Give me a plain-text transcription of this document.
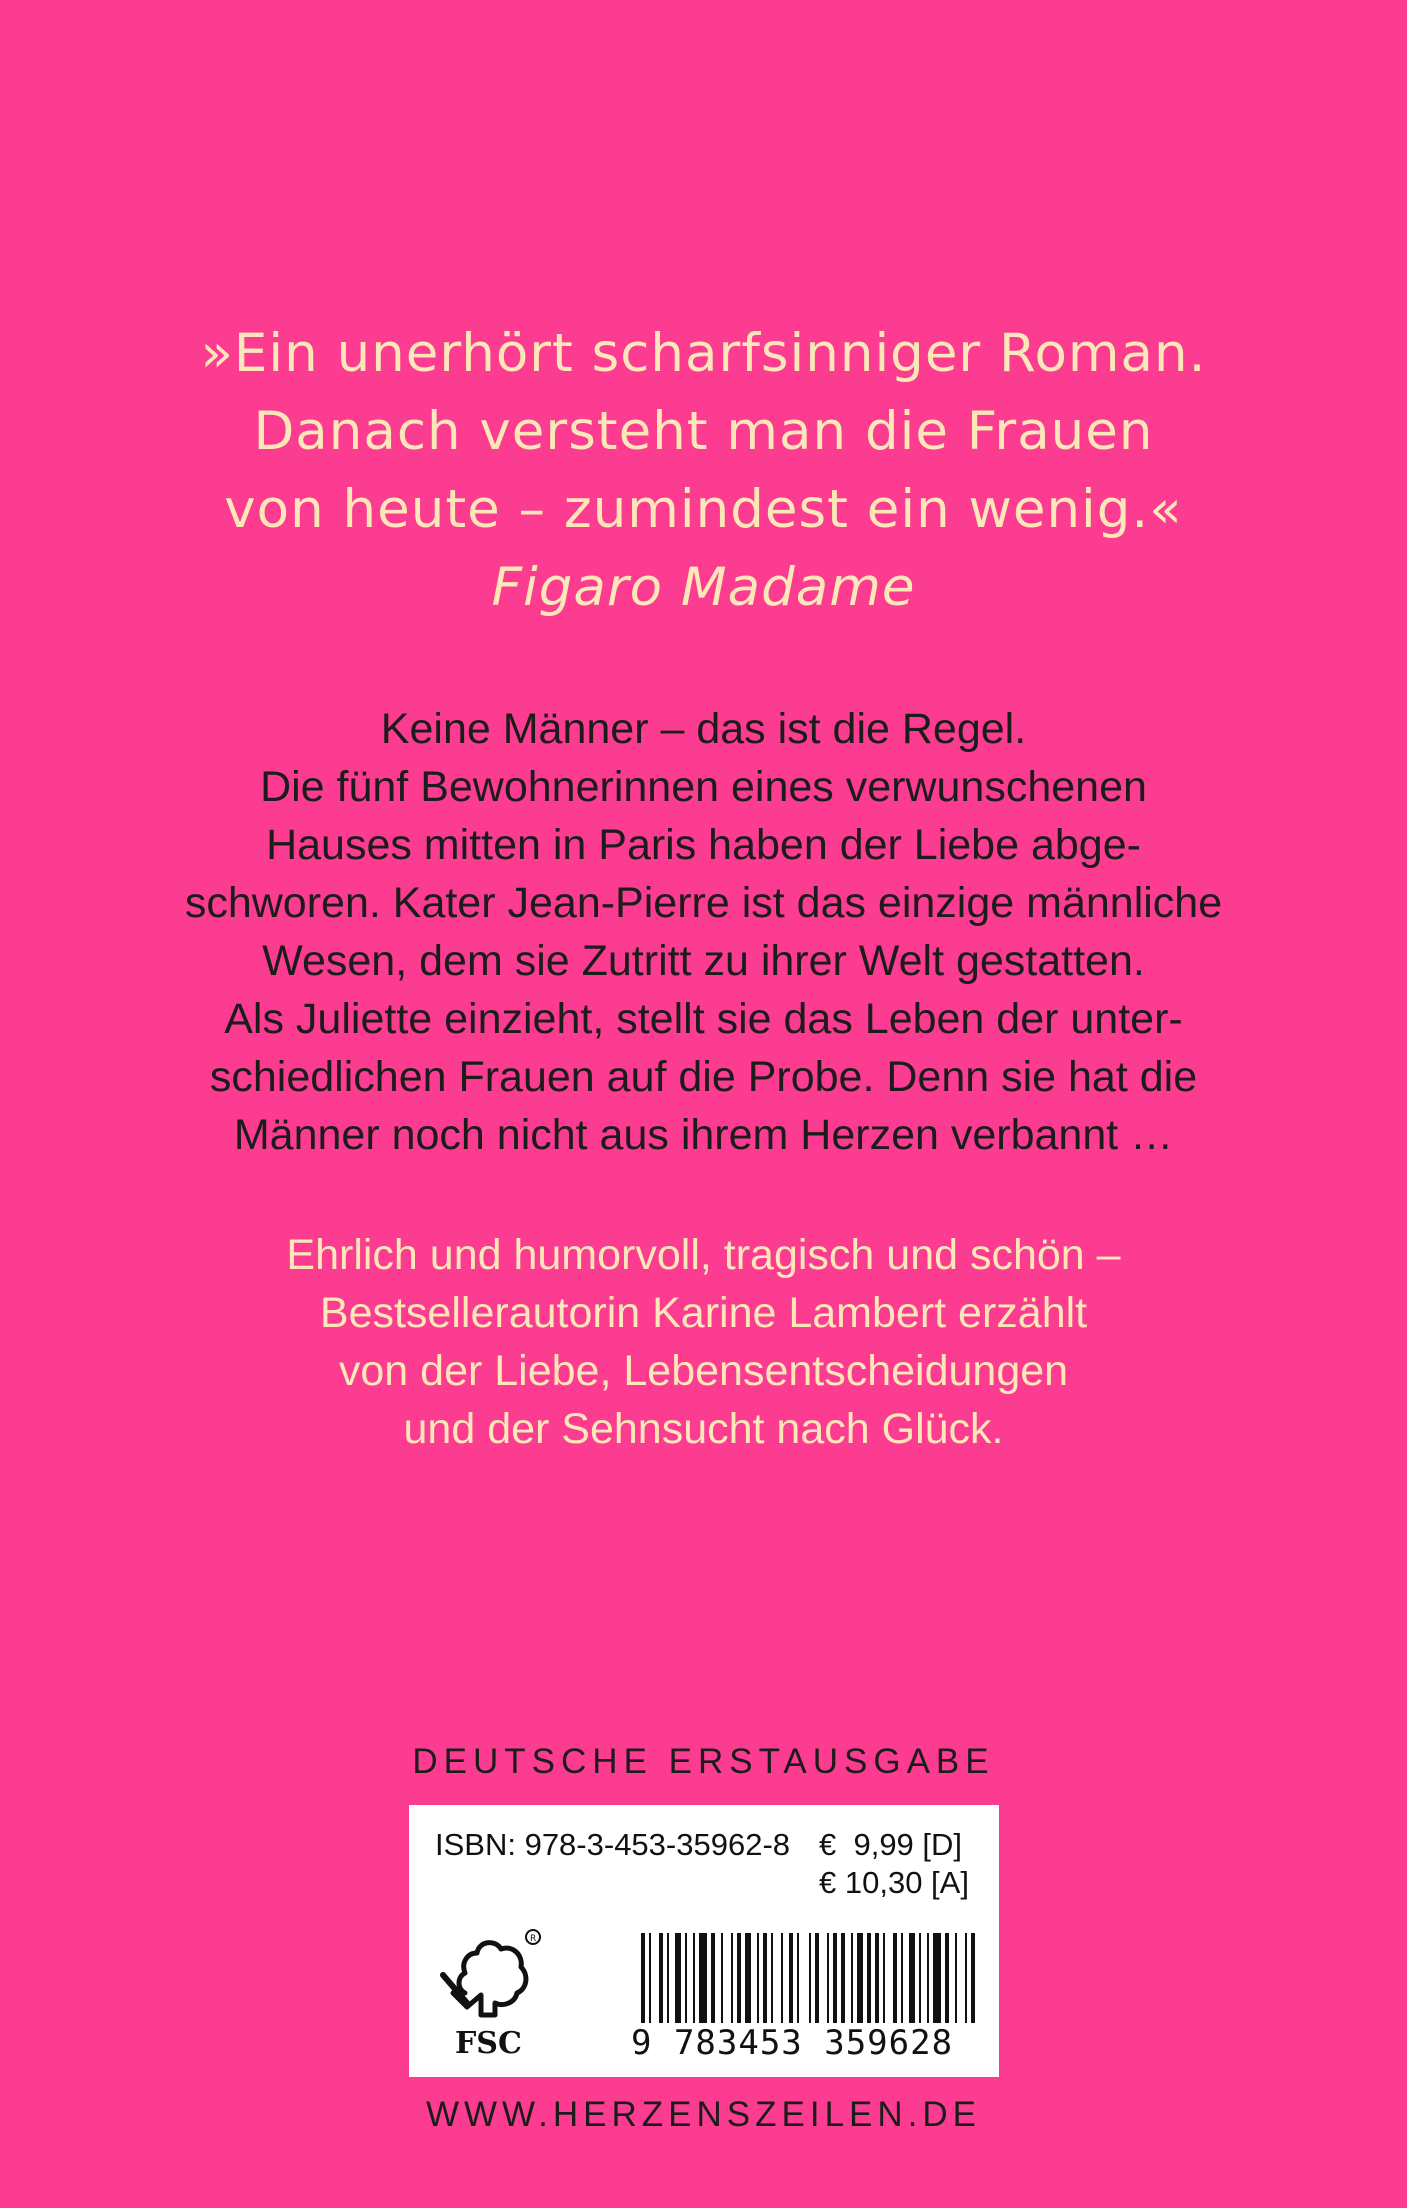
»Ein unerhört scharfsinniger Roman.
Danach versteht man die Frauen
von heute – zumindest ein wenig.«
Figaro Madame
Keine Männer – das ist die Regel.
Die fünf Bewohnerinnen eines verwunschenen
Hauses mitten in Paris haben der Liebe abge-
schworen. Kater Jean-Pierre ist das einzige männliche
Wesen, dem sie Zutritt zu ihrer Welt gestatten.
Als Juliette einzieht, stellt sie das Leben der unter-
schiedlichen Frauen auf die Probe. Denn sie hat die
Männer noch nicht aus ihrem Herzen verbannt …
Ehrlich und humorvoll, tragisch und schön –
Bestsellerautorin Karine Lambert erzählt
von der Liebe, Lebensentscheidungen
und der Sehnsucht nach Glück.
DEUTSCHE ERSTAUSGABE
ISBN: 978-3-453-35962-8 €  9,99 [D]
€ 10,30 [A]
R
FSC	9 783453 359628
WWW.HERZENSZEILEN.DE
